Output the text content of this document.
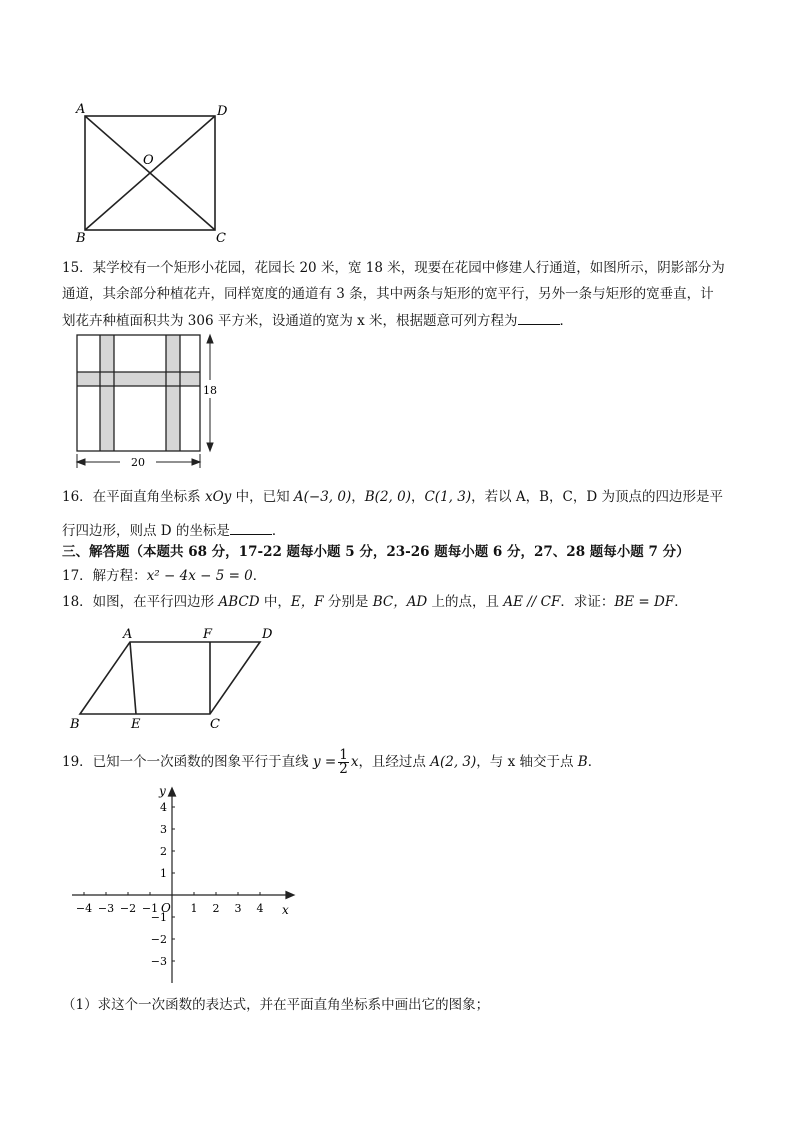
A	D
O
B	C
15．某学校有一个矩形小花园，花园长 20 米，宽 18 米，现要在花园中修建人行通道，如图所示，阴影部分为
通道，其余部分种植花卉，同样宽度的通道有 3 条，其中两条与矩形的宽平行，另外一条与矩形的宽垂直，计
划花卉种植面积共为 306 平方米，设通道的宽为 x 米，根据题意可列方程为	．
18
20
16．在平面直角坐标系 xOy 中，已知 A(−3, 0)，B(2, 0)，C(1, 3)，若以 A，B，C，D 为顶点的四边形是平
行四边形，则点 D 的坐标是	．
三、解答题（本题共 68 分，17-22 题每小题 5 分，23-26 题每小题 6 分，27、28 题每小题 7 分）
17．解方程：x² − 4x − 5 = 0．
18．如图，在平行四边形 ABCD 中，E，F 分别是 BC，AD 上的点，且 AE // CF．求证：BE = DF．
A	F	D
B	E	C
19．已知一个一次函数的图象平行于直线 $y = \frac{1}{2}$ x，且经过点 A(2, 3)，与 x 轴交于点 B．
−4 −3 −2 −1	1 2 3 4
4
3
2
1
−1
−2
−3
x
y
O
（1）求这个一次函数的表达式，并在平面直角坐标系中画出它的图象；
